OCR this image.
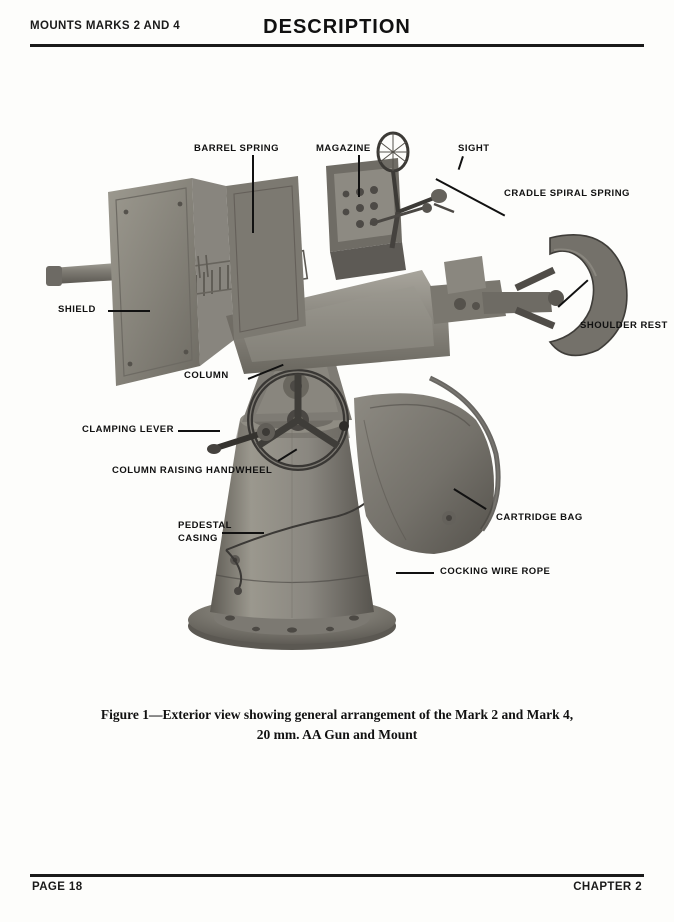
MOUNTS MARKS 2 AND 4	DESCRIPTION
BARREL SPRING	MAGAZINE	SIGHT
CRADLE SPIRAL SPRING
SHOULDER REST
SHIELD
COLUMN
CLAMPING LEVER
COLUMN RAISING HANDWHEEL
PEDESTAL
CASING
CARTRIDGE BAG
COCKING WIRE ROPE
Figure 1—Exterior view showing general arrangement of the Mark 2 and Mark 4,
20 mm. AA Gun and Mount
PAGE 18	CHAPTER 2
